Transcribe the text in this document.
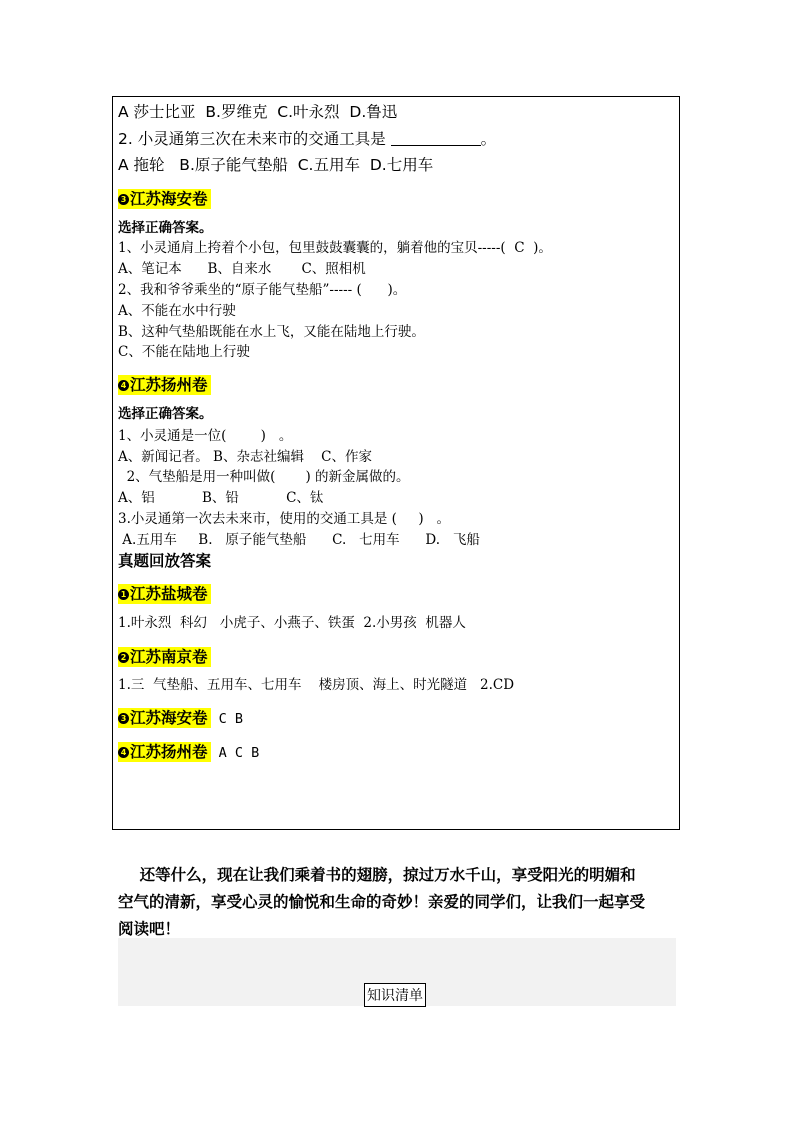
A 莎士比亚  B.罗维克  C.叶永烈  D.鲁迅
2. 小灵通第三次在未来市的交通工具是	。
A 拖轮   B.原子能气垫船  C.五用车  D.七用车
3 江苏海安卷
选择正确答案。
1、小灵通肩上挎着个小包，包里鼓鼓囊囊的，躺着他的宝贝-----(  C  )。
A、笔记本      B、自来水       C、照相机
2、我和爷爷乘坐的“原子能气垫船”----- (      )。
A、不能在水中行驶
B、这种气垫船既能在水上飞，又能在陆地上行驶。
C、不能在陆地上行驶
4 江苏扬州卷
选择正确答案。
1、小灵通是一位(        )   。
A、新闻记者。 B、杂志社编辑    C、作家
2、气垫船是用一种叫做(       ) 的新金属做的。
A、铝           B、铅           C、钛
3.小灵通第一次去未来市，使用的交通工具是 (     )   。
A.五用车     B.   原子能气垫船      C.   七用车      D.   飞船
真题回放答案
1 江苏盐城卷
1.叶永烈  科幻   小虎子、小燕子、铁蛋  2.小男孩  机器人
2 江苏南京卷
1.三  气垫船、五用车、七用车    楼房顶、海上、时光隧道   2.CD
3 江苏海安卷 C B
4 江苏扬州卷 A C B
还等什么，现在让我们乘着书的翅膀，掠过万水千山，享受阳光的明媚和
空气的清新，享受心灵的愉悦和生命的奇妙！亲爱的同学们，让我们一起享受
阅读吧！
知识清单
